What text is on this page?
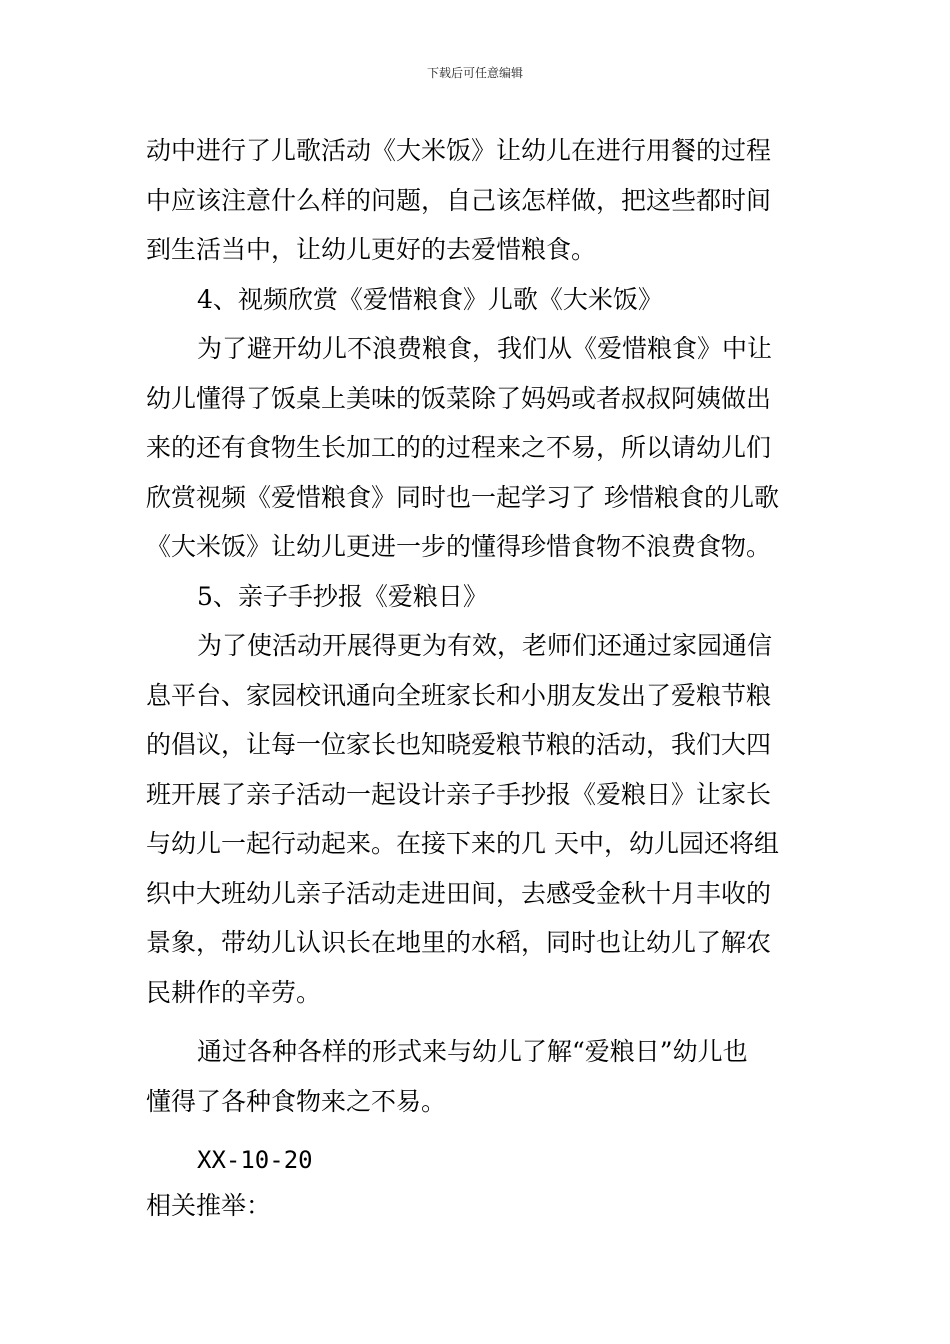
下载后可任意编辑
动中进行了儿歌活动《大米饭》让幼儿在进行用餐的过程
中应该注意什么样的问题，自己该怎样做，把这些都时间
到生活当中，让幼儿更好的去爱惜粮食。
4、视频欣赏《爱惜粮食》儿歌《大米饭》
为了避开幼儿不浪费粮食，我们从《爱惜粮食》中让
幼儿懂得了饭桌上美味的饭菜除了妈妈或者叔叔阿姨做出
来的还有食物生长加工的的过程来之不易，所以请幼儿们
欣赏视频《爱惜粮食》同时也一起学习了 珍惜粮食的儿歌
《大米饭》让幼儿更进一步的懂得珍惜食物不浪费食物。
5、亲子手抄报《爱粮日》
为了使活动开展得更为有效，老师们还通过家园通信
息平台、家园校讯通向全班家长和小朋友发出了爱粮节粮
的倡议，让每一位家长也知晓爱粮节粮的活动，我们大四
班开展了亲子活动一起设计亲子手抄报《爱粮日》让家长
与幼儿一起行动起来。在接下来的几 天中，幼儿园还将组
织中大班幼儿亲子活动走进田间，去感受金秋十月丰收的
景象，带幼儿认识长在地里的水稻，同时也让幼儿了解农
民耕作的辛劳。
通过各种各样的形式来与幼儿了解“爱粮日”幼儿也
懂得了各种食物来之不易。
XX-10-20
相关推举：
